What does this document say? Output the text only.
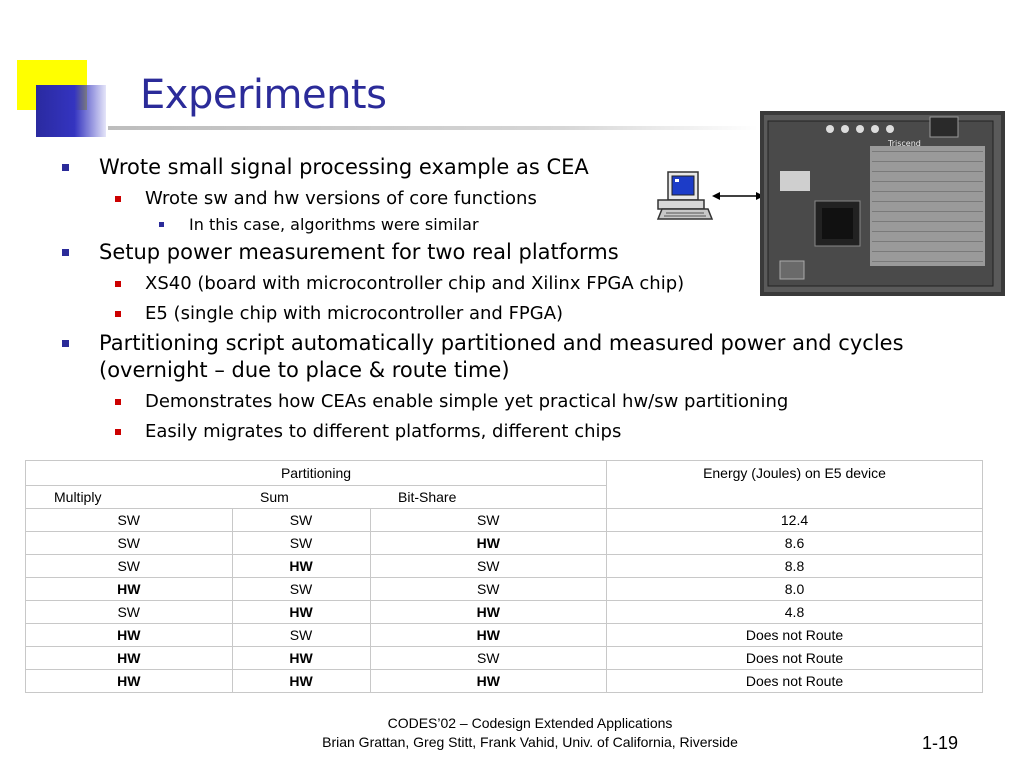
Experiments
Wrote small signal processing example as CEA
Wrote sw and hw versions of core functions
In this case, algorithms were similar
Setup power measurement for two real platforms
XS40 (board with microcontroller chip and Xilinx FPGA chip)
E5 (single chip with microcontroller and FPGA)
Partitioning script automatically partitioned and measured power and cycles (overnight – due to place & route time)
Demonstrates how CEAs enable simple yet practical hw/sw partitioning
Easily migrates to different platforms, different chips
Triscend
Partitioning			Energy (Joules) on E5 device
Multiply	Sum	Bit-Share	
SW	SW	SW	12.4
SW	SW	HW	8.6
SW	HW	SW	8.8
HW	SW	SW	8.0
SW	HW	HW	4.8
HW	SW	HW	Does not Route
HW	HW	SW	Does not Route
HW	HW	HW	Does not Route
CODES’02 – Codesign Extended Applications
Brian Grattan, Greg Stitt, Frank Vahid, Univ. of California, Riverside	1-19
